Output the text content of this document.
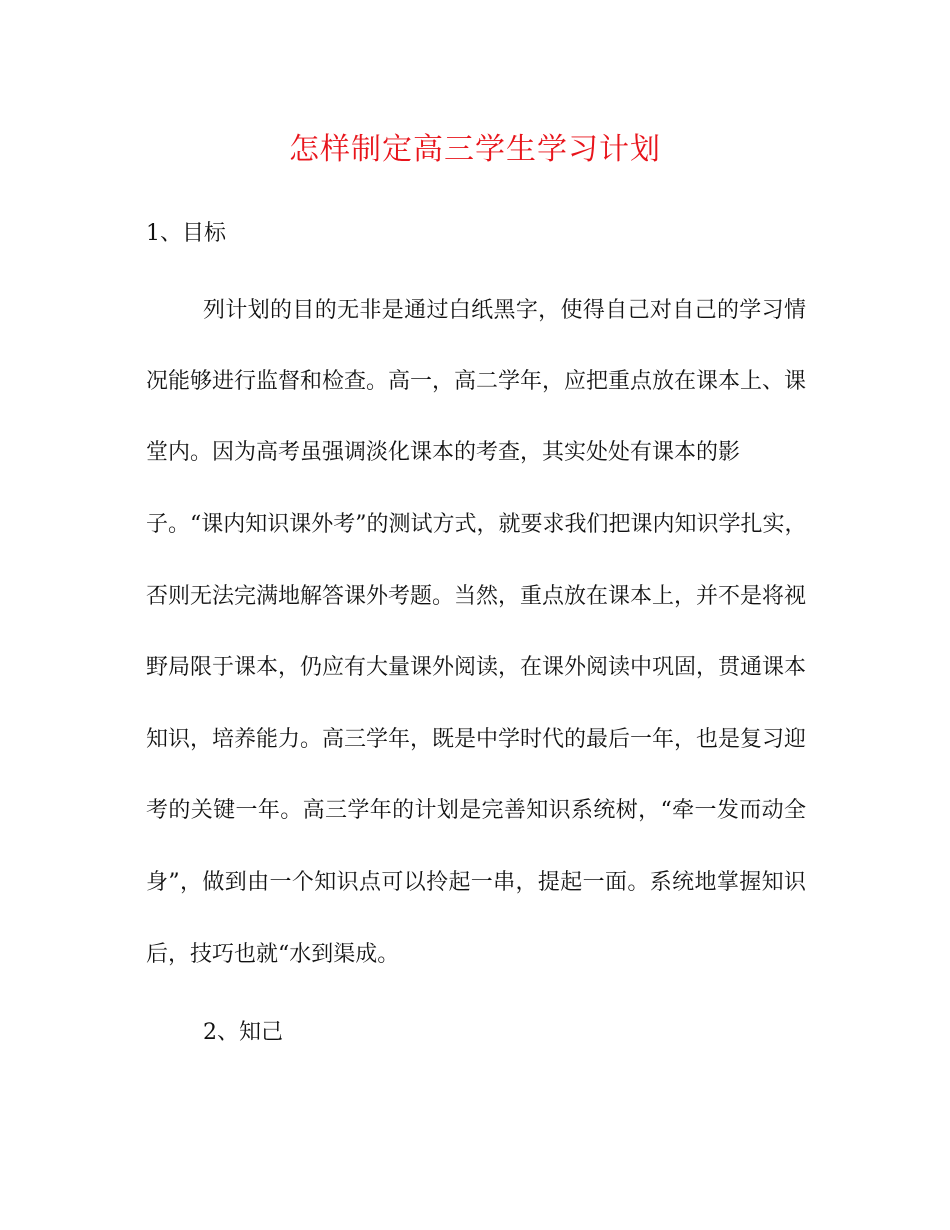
怎样制定高三学生学习计划
1、目标
列计划的目的无非是通过白纸黑字，使得自己对自己的学习情
况能够进行监督和检查。高一，高二学年，应把重点放在课本上、课
堂内。因为高考虽强调淡化课本的考查，其实处处有课本的影
子。“课内知识课外考”的测试方式，就要求我们把课内知识学扎实，
否则无法完满地解答课外考题。当然，重点放在课本上，并不是将视
野局限于课本，仍应有大量课外阅读，在课外阅读中巩固，贯通课本
知识，培养能力。高三学年，既是中学时代的最后一年，也是复习迎
考的关键一年。高三学年的计划是完善知识系统树，“牵一发而动全
身”，做到由一个知识点可以拎起一串，提起一面。系统地掌握知识
后，技巧也就“水到渠成。
2、知己
